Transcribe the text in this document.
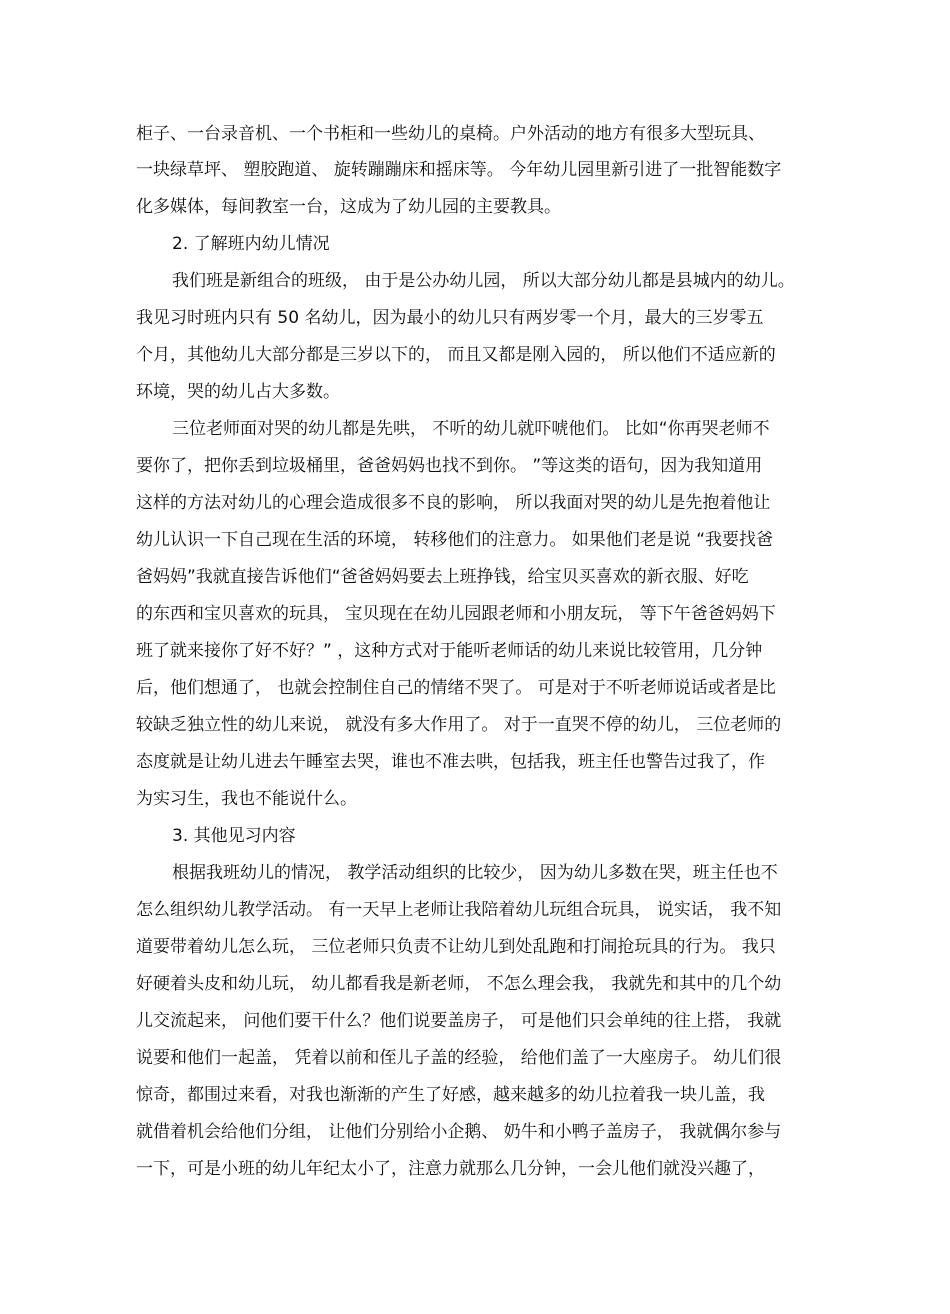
柜子、一台录音机、一个书柜和一些幼儿的桌椅。户外活动的地方有很多大型玩具、
一块绿草坪、 塑胶跑道、 旋转蹦蹦床和摇床等。 今年幼儿园里新引进了一批智能数字
化多媒体，每间教室一台，这成为了幼儿园的主要教具。
2. 了解班内幼儿情况
我们班是新组合的班级， 由于是公办幼儿园， 所以大部分幼儿都是县城内的幼儿。
我见习时班内只有 50 名幼儿，因为最小的幼儿只有两岁零一个月，最大的三岁零五
个月，其他幼儿大部分都是三岁以下的， 而且又都是刚入园的， 所以他们不适应新的
环境，哭的幼儿占大多数。
三位老师面对哭的幼儿都是先哄， 不听的幼儿就吓唬他们。 比如“你再哭老师不
要你了，把你丢到垃圾桶里，爸爸妈妈也找不到你。 ”等这类的语句，因为我知道用
这样的方法对幼儿的心理会造成很多不良的影响， 所以我面对哭的幼儿是先抱着他让
幼儿认识一下自己现在生活的环境， 转移他们的注意力。 如果他们老是说 “我要找爸
爸妈妈”我就直接告诉他们“爸爸妈妈要去上班挣钱，给宝贝买喜欢的新衣服、好吃
的东西和宝贝喜欢的玩具， 宝贝现在在幼儿园跟老师和小朋友玩， 等下午爸爸妈妈下
班了就来接你了好不好？” ，这种方式对于能听老师话的幼儿来说比较管用，几分钟
后，他们想通了， 也就会控制住自己的情绪不哭了。 可是对于不听老师说话或者是比
较缺乏独立性的幼儿来说， 就没有多大作用了。 对于一直哭不停的幼儿， 三位老师的
态度就是让幼儿进去午睡室去哭，谁也不准去哄，包括我，班主任也警告过我了，作
为实习生，我也不能说什么。
3. 其他见习内容
根据我班幼儿的情况， 教学活动组织的比较少， 因为幼儿多数在哭，班主任也不
怎么组织幼儿教学活动。 有一天早上老师让我陪着幼儿玩组合玩具， 说实话， 我不知
道要带着幼儿怎么玩， 三位老师只负责不让幼儿到处乱跑和打闹抢玩具的行为。 我只
好硬着头皮和幼儿玩， 幼儿都看我是新老师， 不怎么理会我， 我就先和其中的几个幼
儿交流起来， 问他们要干什么？他们说要盖房子， 可是他们只会单纯的往上搭， 我就
说要和他们一起盖， 凭着以前和侄儿子盖的经验， 给他们盖了一大座房子。 幼儿们很
惊奇，都围过来看，对我也渐渐的产生了好感，越来越多的幼儿拉着我一块儿盖，我
就借着机会给他们分组， 让他们分别给小企鹅、 奶牛和小鸭子盖房子， 我就偶尔参与
一下，可是小班的幼儿年纪太小了，注意力就那么几分钟，一会儿他们就没兴趣了，
